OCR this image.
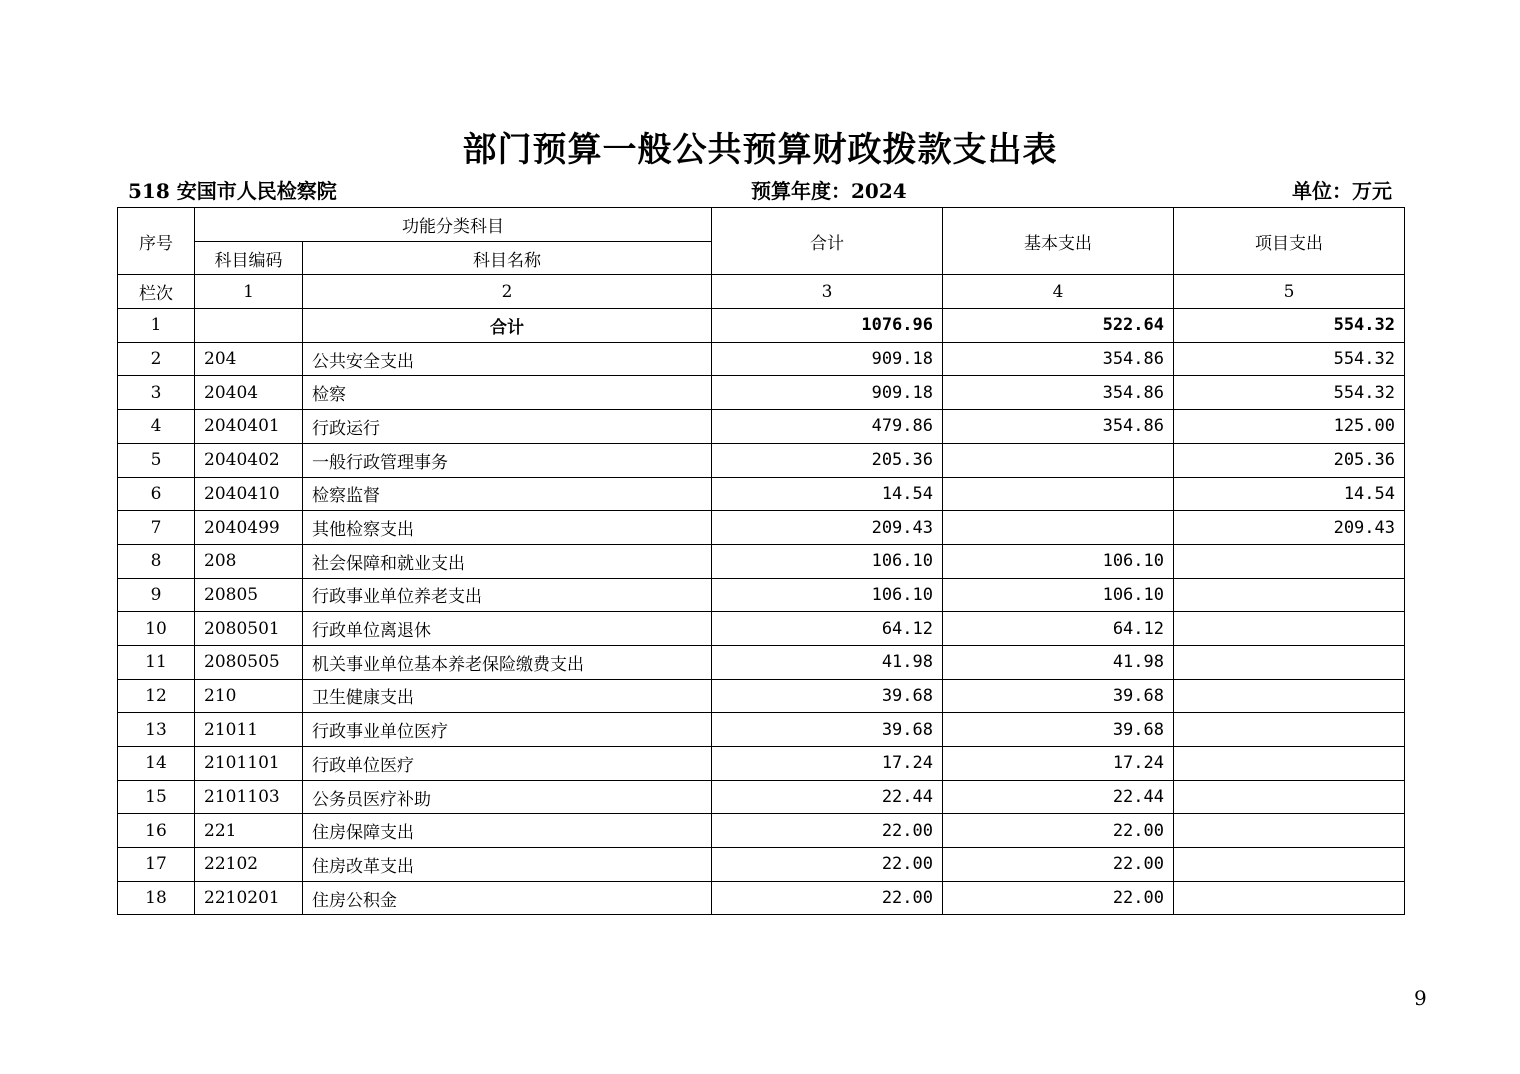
部门预算一般公共预算财政拨款支出表
518 安国市人民检察院	预算年度：2024	单位：万元
序号	功能分类科目		合计	基本支出	项目支出
	科目编码	科目名称			
栏次	1	2	3	4	5
1		合计	1076.96	522.64	554.32
2	204	公共安全支出	909.18	354.86	554.32
3	20404	检察	909.18	354.86	554.32
4	2040401	行政运行	479.86	354.86	125.00
5	2040402	一般行政管理事务	205.36		205.36
6	2040410	检察监督	14.54		14.54
7	2040499	其他检察支出	209.43		209.43
8	208	社会保障和就业支出	106.10	106.10	
9	20805	行政事业单位养老支出	106.10	106.10	
10	2080501	行政单位离退休	64.12	64.12	
11	2080505	机关事业单位基本养老保险缴费支出	41.98	41.98	
12	210	卫生健康支出	39.68	39.68	
13	21011	行政事业单位医疗	39.68	39.68	
14	2101101	行政单位医疗	17.24	17.24	
15	2101103	公务员医疗补助	22.44	22.44	
16	221	住房保障支出	22.00	22.00	
17	22102	住房改革支出	22.00	22.00	
18	2210201	住房公积金	22.00	22.00	
9
